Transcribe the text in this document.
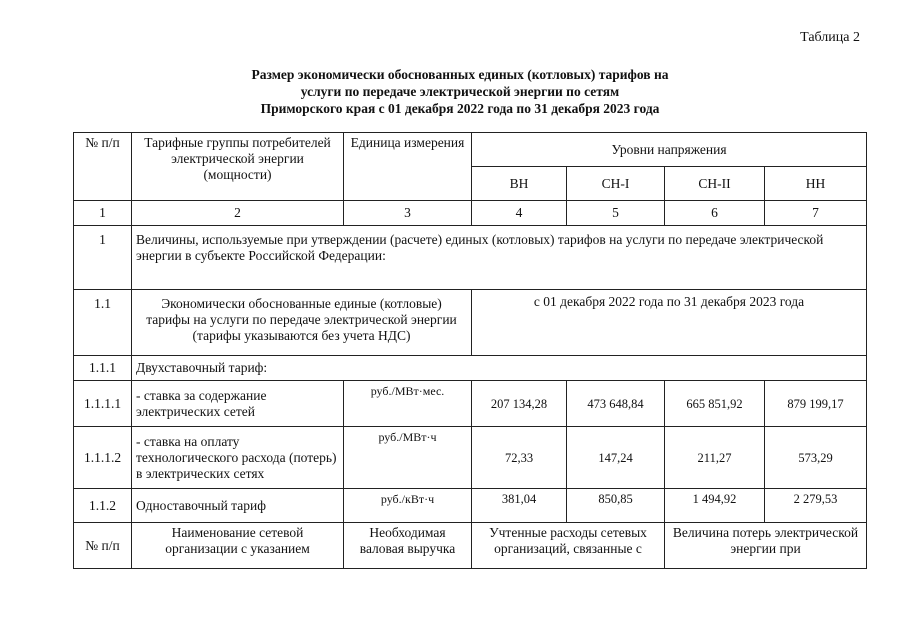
Таблица 2
Размер экономически обоснованных единых (котловых) тарифов на
услуги по передаче электрической энергии по сетям
Приморского края с 01 декабря 2022 года по 31 декабря 2023 года
№ п/п	Тарифные группы потребителей электрической энергии (мощности)	Единица измерения	Уровни напряжения			
			ВН	СН-I	СН-II	НН
1	2	3	4	5	6	7
1	Величины, используемые при утверждении (расчете) единых (котловых) тарифов на услуги по передаче электрической энергии в субъекте Российской Федерации:					
1.1	Экономически обоснованные единые (котловые) тарифы на услуги по передаче электрической энергии (тарифы указываются без учета НДС)		с 01 декабря 2022 года по 31 декабря 2023 года			
1.1.1	Двухставочный тариф:					
1.1.1.1	- ставка за содержание электрических сетей	руб./МВт·мес.	207 134,28	473 648,84	665 851,92	879 199,17
1.1.1.2	- ставка на оплату технологического расхода (потерь) в электрических сетях	руб./МВт·ч	72,33	147,24	211,27	573,29
1.1.2	Одноставочный тариф	руб./кВт·ч	381,04	850,85	1 494,92	2 279,53
№ п/п	Наименование сетевой организации с указанием	Необходимая валовая выручка	Учтенные расходы сетевых организаций, связанные с		Величина потерь электрической энергии при	
